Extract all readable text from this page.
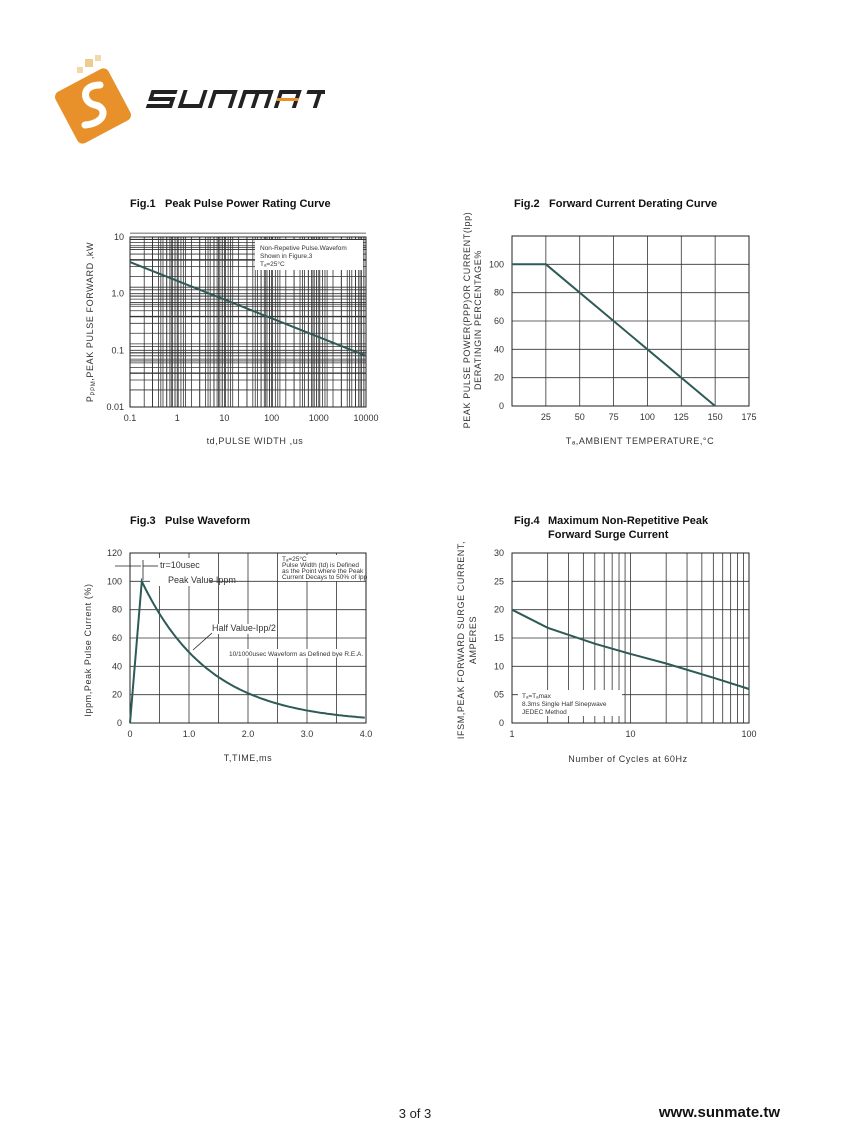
Fig.1 Peak Pulse Power Rating Curve
0.1	1	10	100	1000	10000
10
1.0
0.1
0.01
Non-Repetive Pulse.Wavefom
Shown in Figure.3
Tₐ=25°C
td,PULSE WIDTH ,us
$P_{PPM},PEAK$ PULSE FORWARD ,kW
Fig.2 Forward Current Derating Curve
25	50	75 100 125 150 175
100
80
60
40
20
0
Tₐ,AMBIENT TEMPERATURE,°C
PEAK PULSE POWER(PPP)OR CURRENT(Ipp) DERATINGIN PERCENTAGE%
Fig.3 Pulse Waveform
0	1.0	2.0	3.0	4.0
120
100
80
60
40
20
0
Tₐ=25°C
Pulse Width (td) is Defined
as the Point where the Peak
Current Decays to 50% of Ipp
tr=10usec
Peak Value Ippm
Half Value-Ipp/2
10/1000usec Waveform as Defined bye R.E.A.
T,TIME,ms
Ippm,Peak Pulse Current (%)
Fig.4 Maximum Non-Repetitive Peak
Forward Surge Current
1	10	100
30
25
20
15
10
05
0
Tₐ=Tₐmax
8.3ms Single Half Sinepwave
JEDEC Method
Number of Cycles at 60Hz
IFSM,PEAK FORWARD SURGE CURRENT, AMPERES
3 of 3	www.sunmate.tw
